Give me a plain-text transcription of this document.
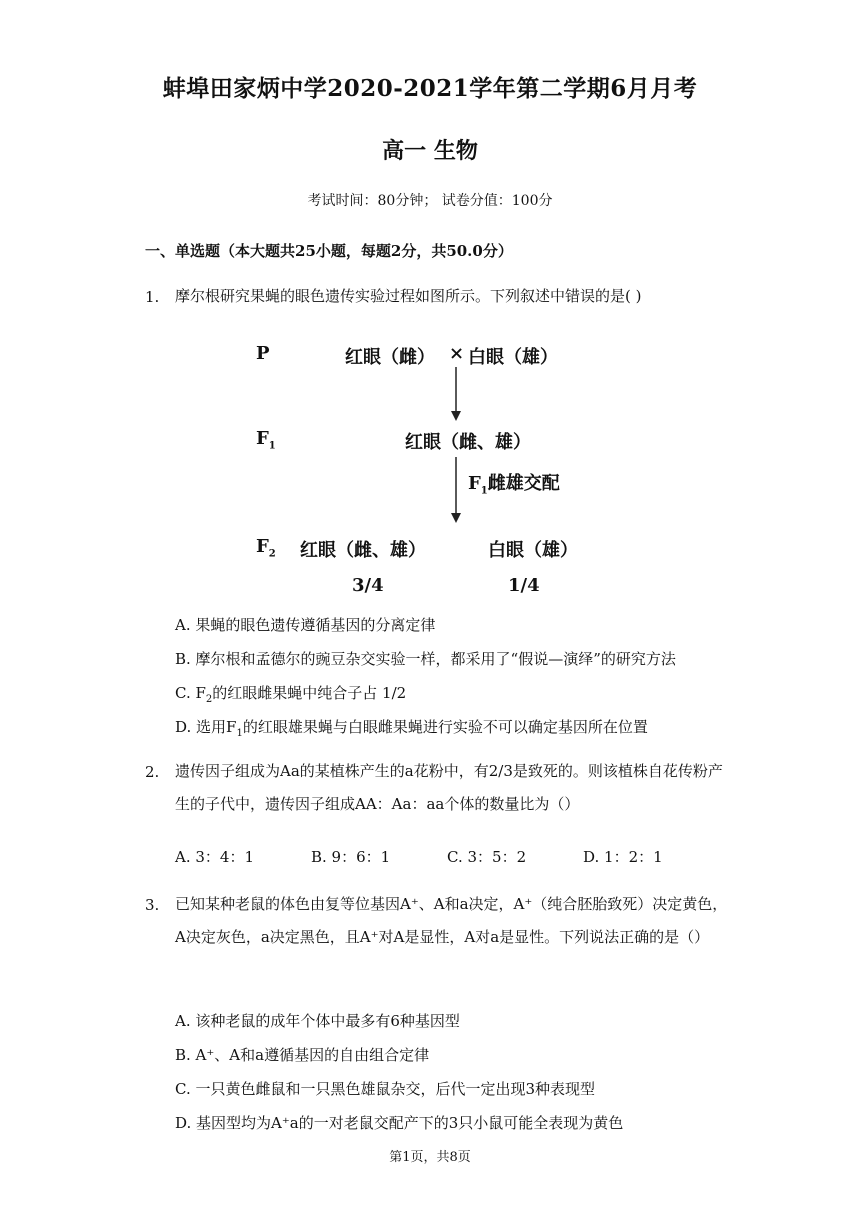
蚌埠田家炳中学2020-2021学年第二学期6月月考
高一 生物
考试时间：80分钟； 试卷分值：100分
一、单选题（本大题共25小题，每题2分，共50.0分）
1. 摩尔根研究果蝇的眼色遗传实验过程如图所示。下列叙述中错误的是( )
P	红眼（雌） × 白眼（雄）
$F_1$	红眼（雌、雄）
$F_1$雌雄交配
$F_2$ 红眼（雌、雄）	白眼（雄）
3/4	1/4
A. 果蝇的眼色遗传遵循基因的分离定律
B. 摩尔根和孟德尔的豌豆杂交实验一样，都采用了“假说—演绎”的研究方法
C. $F_2$的红眼雌果蝇中纯合子占 1/2
D. 选用$F_1$的红眼雄果蝇与白眼雌果蝇进行实验不可以确定基因所在位置
2. 遗传因子组成为Aa的某植株产生的a花粉中，有2/3是致死的。则该植株自花传粉产生的子代中，遗传因子组成AA：Aa：aa个体的数量比为（）
A. 3：4：1	B. 9：6：1	C. 3：5：2	D. 1：2：1
3. 已知某种老鼠的体色由复等位基因A⁺、A和a决定，A⁺（纯合胚胎致死）决定黄色，A决定灰色，a决定黑色，且A⁺对A是显性，A对a是显性。下列说法正确的是（）
A. 该种老鼠的成年个体中最多有6种基因型
B. A⁺、A和a遵循基因的自由组合定律
C. 一只黄色雌鼠和一只黑色雄鼠杂交，后代一定出现3种表现型
D. 基因型均为A⁺a的一对老鼠交配产下的3只小鼠可能全表现为黄色
第1页，共8页
